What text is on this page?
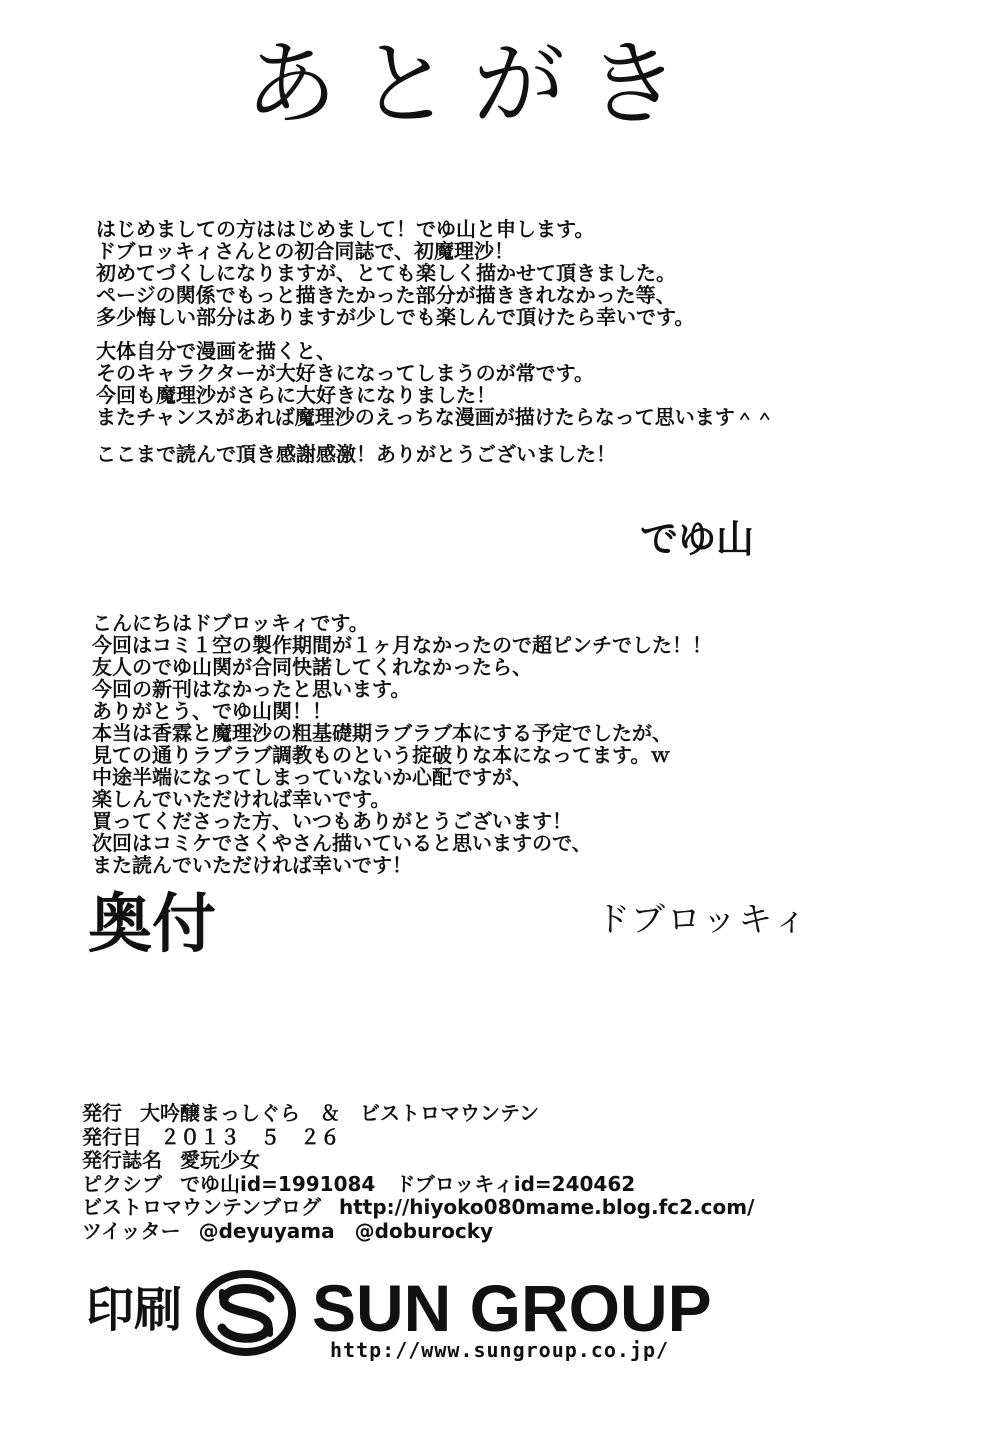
あとがき
はじめましての方ははじめまして！でゆ山と申します。
ドブロッキィさんとの初合同誌で、初魔理沙！
初めてづくしになりますが、とても楽しく描かせて頂きました。
ページの関係でもっと描きたかった部分が描ききれなかった等、
多少悔しい部分はありますが少しでも楽しんで頂けたら幸いです。
大体自分で漫画を描くと、
そのキャラクターが大好きになってしまうのが常です。
今回も魔理沙がさらに大好きになりました！
またチャンスがあれば魔理沙のえっちな漫画が描けたらなって思います＾＾
ここまで読んで頂き感謝感激！ありがとうございました！
でゆ山
こんにちはドブロッキィです。
今回はコミ１空の製作期間が１ヶ月なかったので超ピンチでした！！
友人のでゆ山関が合同快諾してくれなかったら、
今回の新刊はなかったと思います。
ありがとう、でゆ山関！！
本当は香霖と魔理沙の粗基礎期ラブラブ本にする予定でしたが、
見ての通りラブラブ調教ものという掟破りな本になってます。ｗ
中途半端になってしまっていないか心配ですが、
楽しんでいただければ幸いです。
買ってくださった方、いつもありがとうございます！
次回はコミケでさくやさん描いていると思いますので、
また読んでいただければ幸いです！
ドブロッキィ
奥付
発行 大吟醸まっしぐら　＆　ビストロマウンテン
発行日 ２０１３　５　２６
発行誌名 愛玩少女
ピクシブ でゆ山id=1991084　ドブロッキィid=240462
ビストロマウンテンブログ http://hiyoko080mame.blog.fc2.com/
ツイッター @deyuyama　@doburocky
印刷 SUN GROUP
http://www.sungroup.co.jp/
